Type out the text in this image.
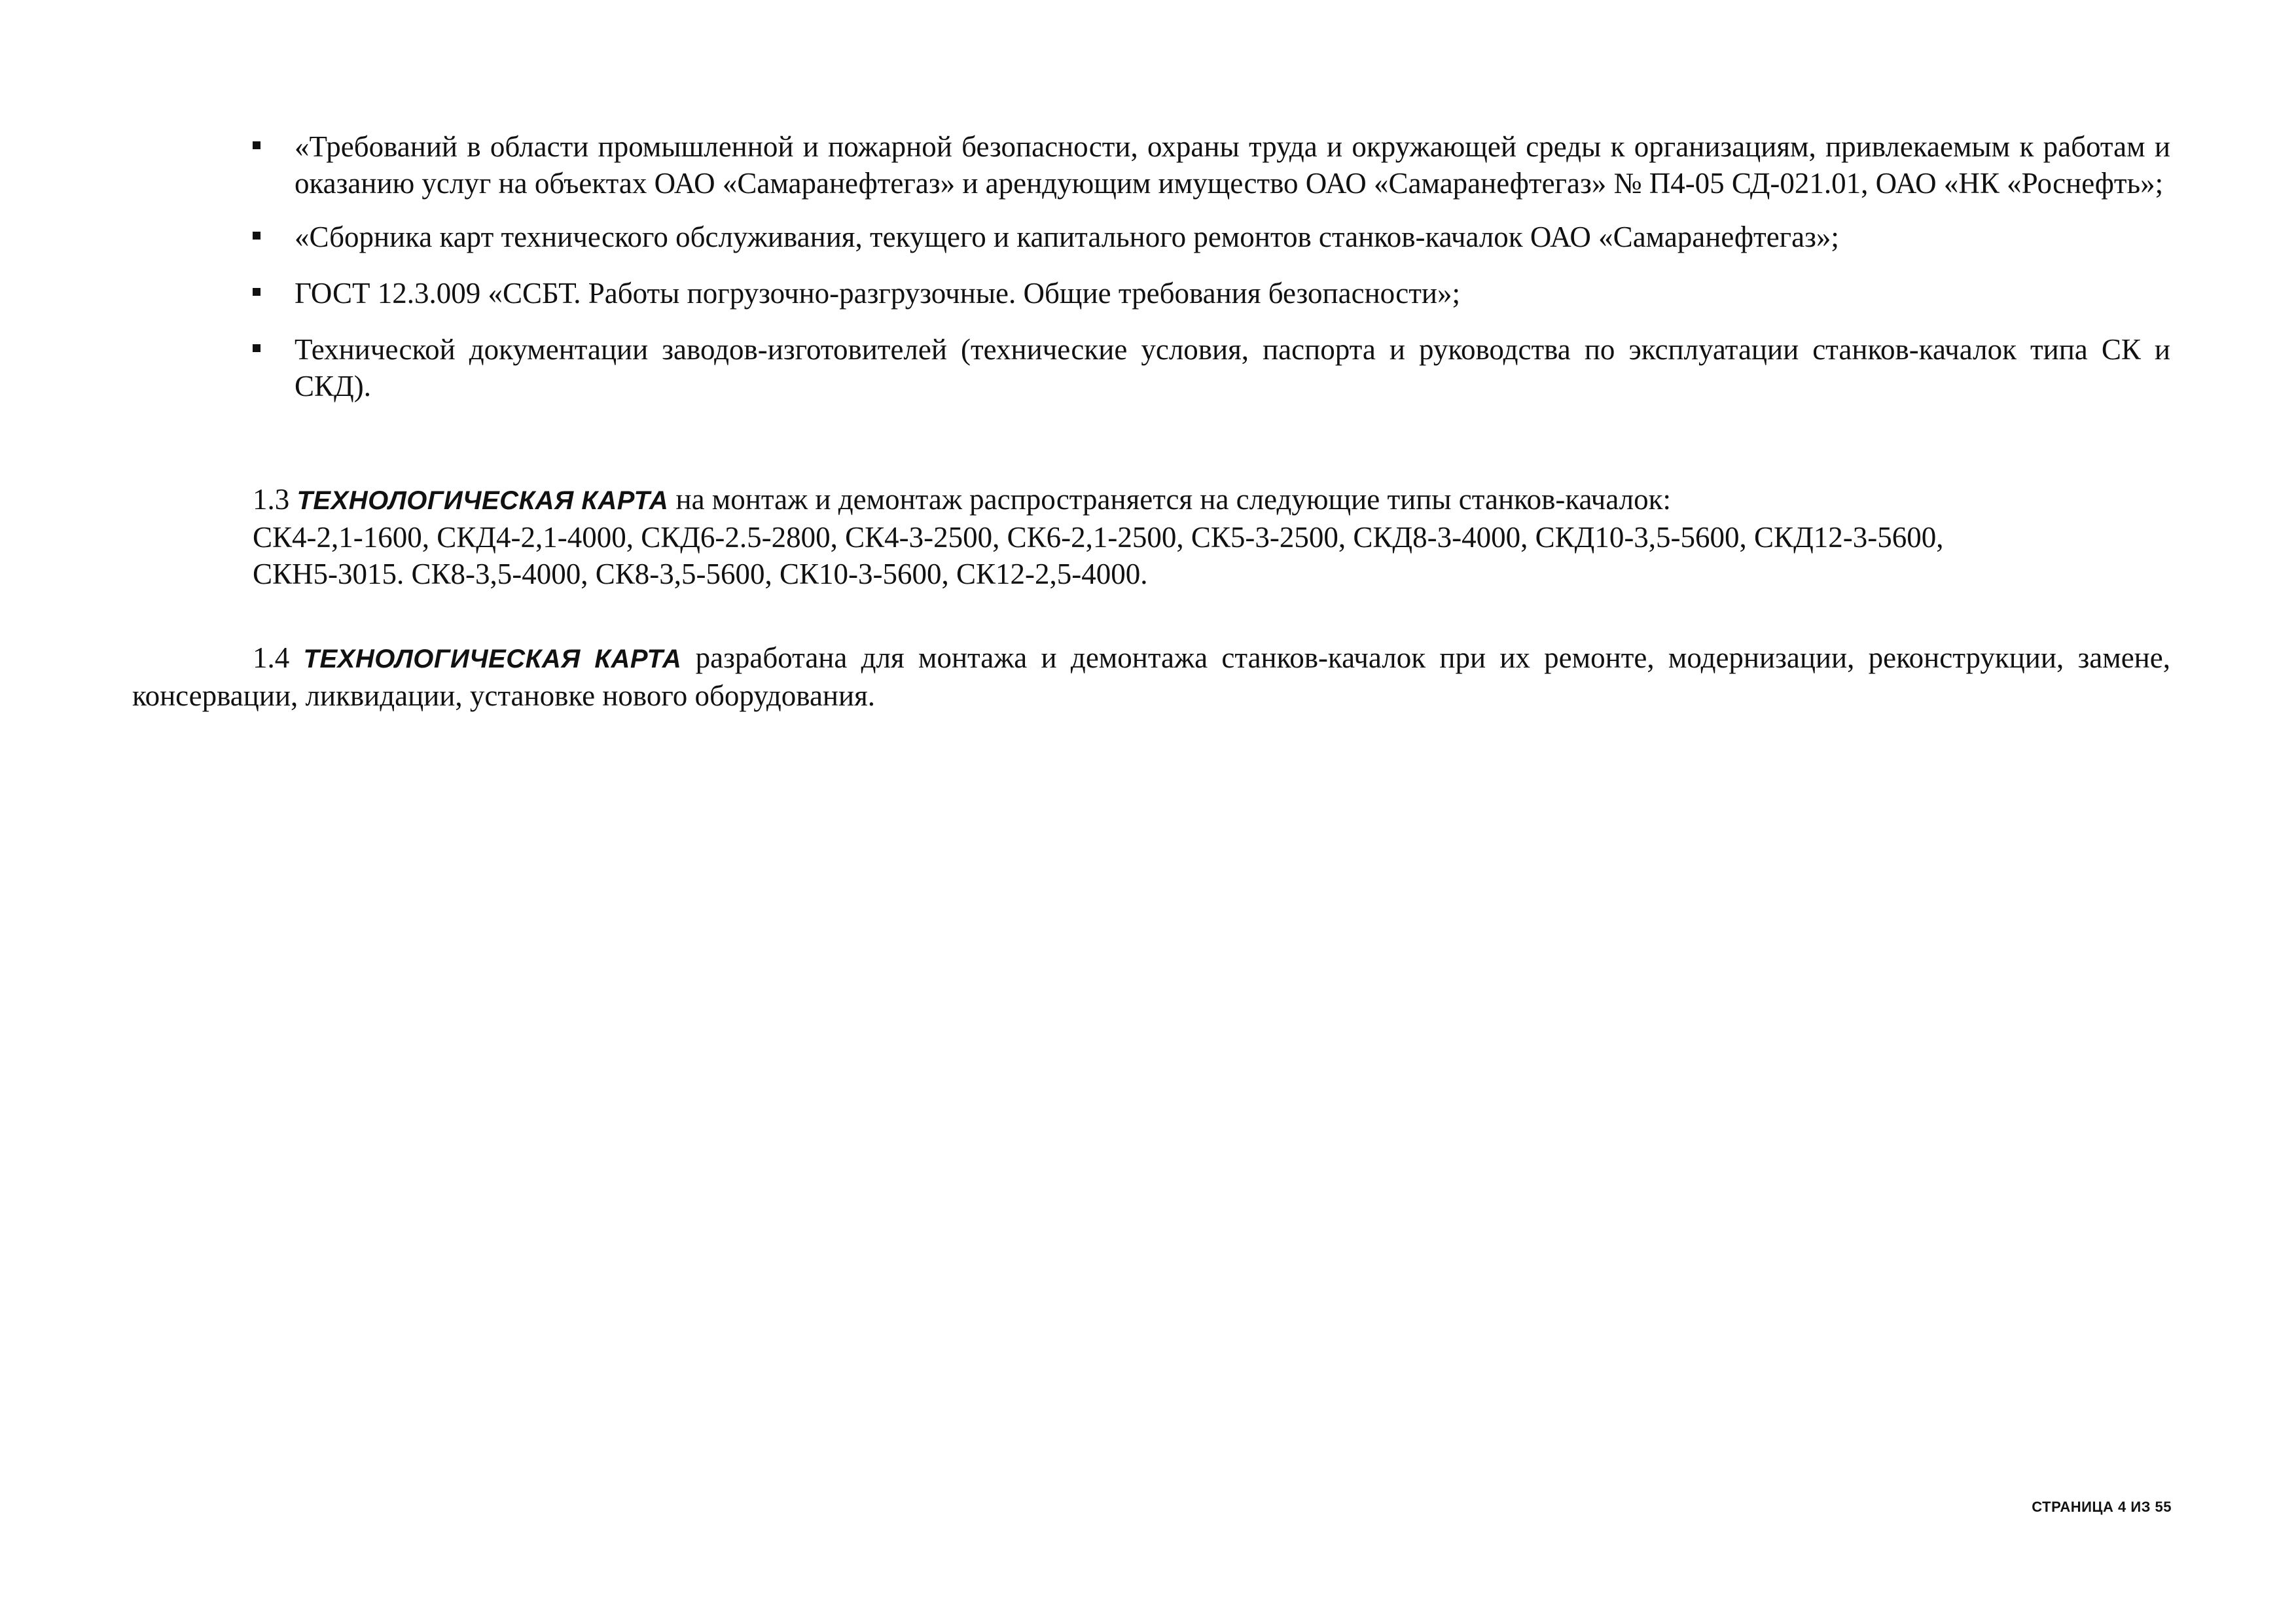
«Требований в области промышленной и пожарной безопасности, охраны труда и окружающей среды к организациям, привлекаемым к работам и оказанию услуг на объектах ОАО «Самаранефтегаз» и арендующим имущество ОАО «Самаранефтегаз» № П4-05 СД-021.01, ОАО «НК «Роснефть»;
«Сборника карт технического обслуживания, текущего и капитального ремонтов станков-качалок ОАО «Самаранефтегаз»;
ГОСТ 12.3.009 «ССБТ. Работы погрузочно-разгрузочные. Общие требования безопасности»;
Технической документации заводов-изготовителей (технические условия, паспорта и руководства по эксплуатации станков-качалок типа СК и СКД).
1.3 ТЕХНОЛОГИЧЕСКАЯ КАРТА на монтаж и демонтаж распространяется на следующие типы станков-качалок:
СК4-2,1-1600, СКД4-2,1-4000, СКД6-2.5-2800, СК4-3-2500, СК6-2,1-2500, СК5-3-2500, СКД8-3-4000, СКД10-3,5-5600, СКД12-3-5600,
СКН5-3015. СК8-3,5-4000, СК8-3,5-5600, СК10-3-5600, СК12-2,5-4000.
1.4 ТЕХНОЛОГИЧЕСКАЯ КАРТА разработана для монтажа и демонтажа станков-качалок при их ремонте, модернизации, реконструкции, замене, консервации, ликвидации, установке нового оборудования.
СТРАНИЦА 4 ИЗ 55
